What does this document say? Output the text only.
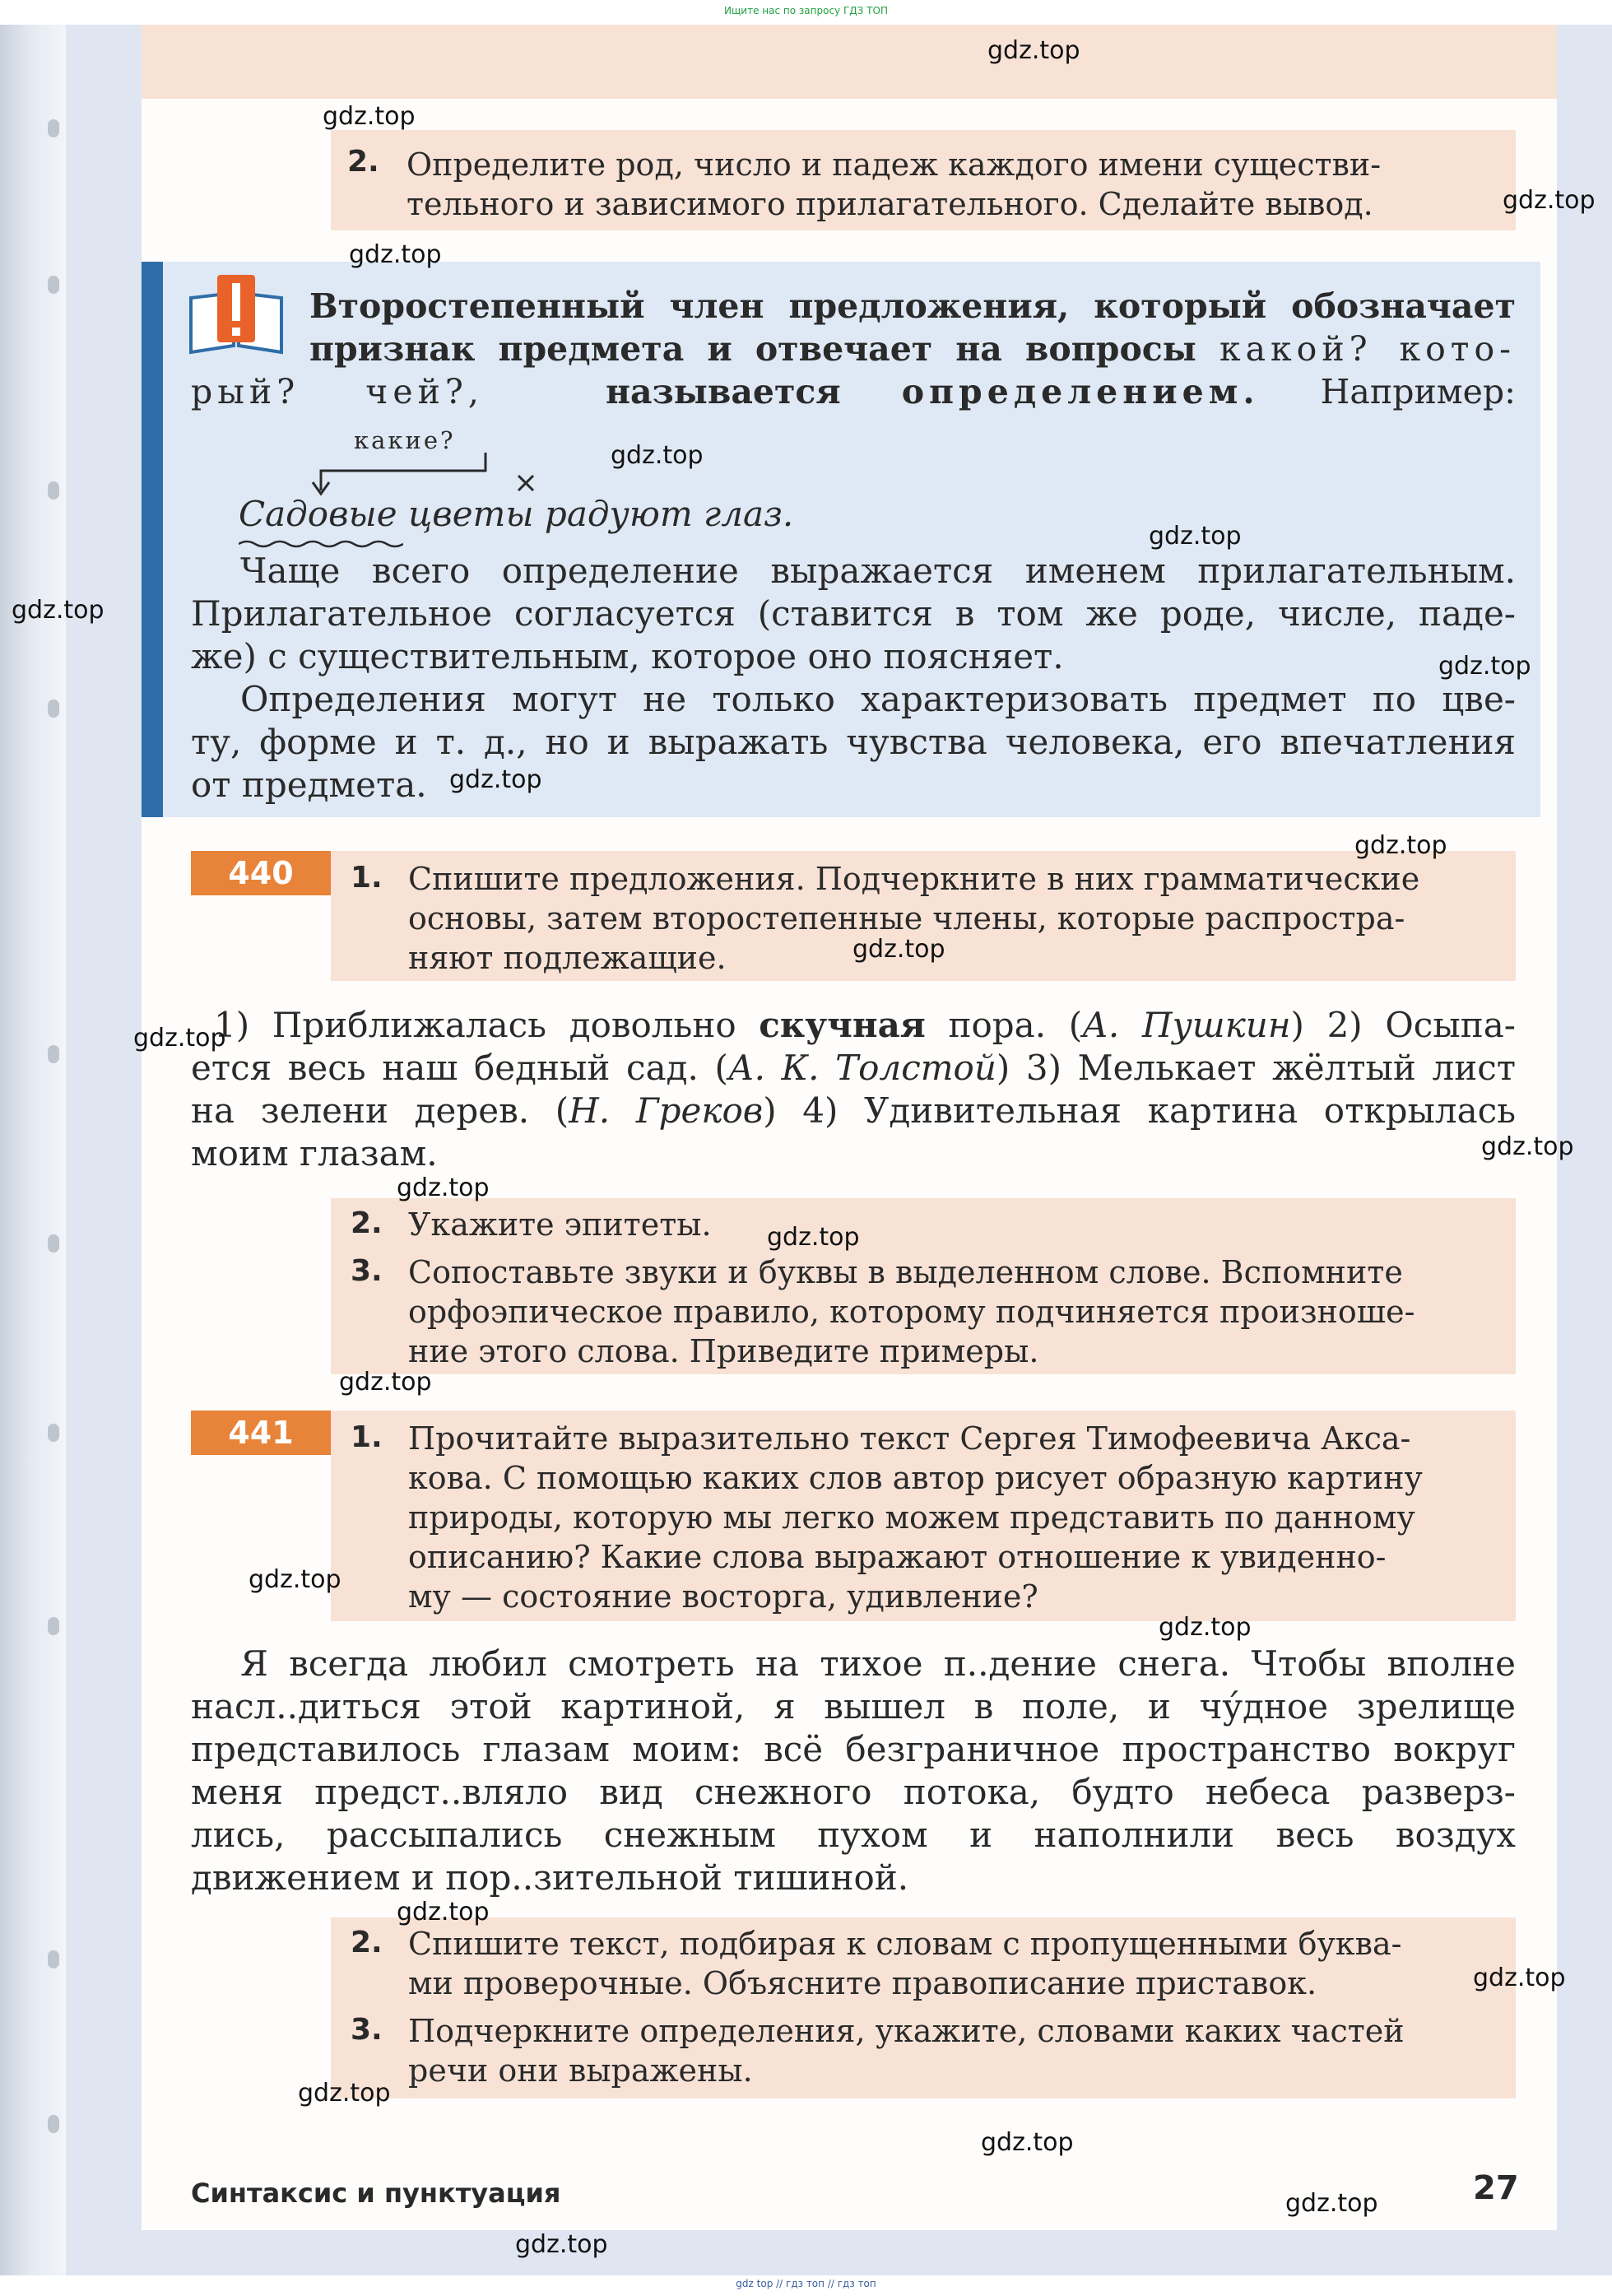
Ищите нас по запросу ГДЗ ТОП
2. Определите род, число и падеж каждого имени существи-
тельного и зависимого прилагательного. Сделайте вывод.
Второстепенный член предложения, который обозначает
признак предмета и отвечает на вопросы какой? кото-
рый? чей?,	называется определением. Например:
какие?
Садовые цветы радуют глаз.
Чаще всего определение выражается именем прилагательным.
Прилагательное согласуется (ставится в том же роде, числе, паде-
же) с существительным, которое оно поясняет.
Определения могут не только характеризовать предмет по цве-
ту, форме и т. д., но и выражать чувства человека, его впечатления
от предмета.
440	1. Спишите предложения. Подчеркните в них грамматические
основы, затем второстепенные члены, которые распростра-
няют подлежащие.
1) Приближалась довольно скучная пора. (А. Пушкин) 2) Осыпа-
ется весь наш бедный сад. (А. К. Толстой) 3) Мелькает жёлтый лист
на зелени дерев. (Н. Греков) 4) Удивительная картина открылась
моим глазам.
2. Укажите эпитеты.
3. Сопоставьте звуки и буквы в выделенном слове. Вспомните
орфоэпическое правило, которому подчиняется произноше-
ние этого слова. Приведите примеры.
441	1. Прочитайте выразительно текст Сергея Тимофеевича Акса-
кова. С помощью каких слов автор рисует образную картину
природы, которую мы легко можем представить по данному
описанию? Какие слова выражают отношение к увиденно-
му — состояние восторга, удивление?
Я всегда любил смотреть на тихое п..дение снега. Чтобы вполне
насл..диться этой картиной, я вышел в поле, и чу́дное зрелище
представилось глазам моим: всё безграничное пространство вокруг
меня предст..вляло вид снежного потока, будто небеса разверз-
лись, рассыпались снежным пухом и наполнили весь воздух
движением и пор..зительной тишиной.
2. Спишите текст, подбирая к словам с пропущенными буква-
ми проверочные. Объясните правописание приставок.
3. Подчеркните определения, укажите, словами каких частей
речи они выражены.
Синтаксис и пунктуация	27
gdz.top
gdz.top
gdz.top
gdz.top
gdz.top
gdz.top
gdz.top
gdz.top
gdz.top
gdz.top
gdz.top
gdz.top
gdz.top
gdz.top
gdz.top
gdz.top
gdz.top
gdz.top
gdz.top
gdz.top
gdz.top
gdz.top
gdz.top
gdz.top
gdz top // гдз топ // гдз топ
